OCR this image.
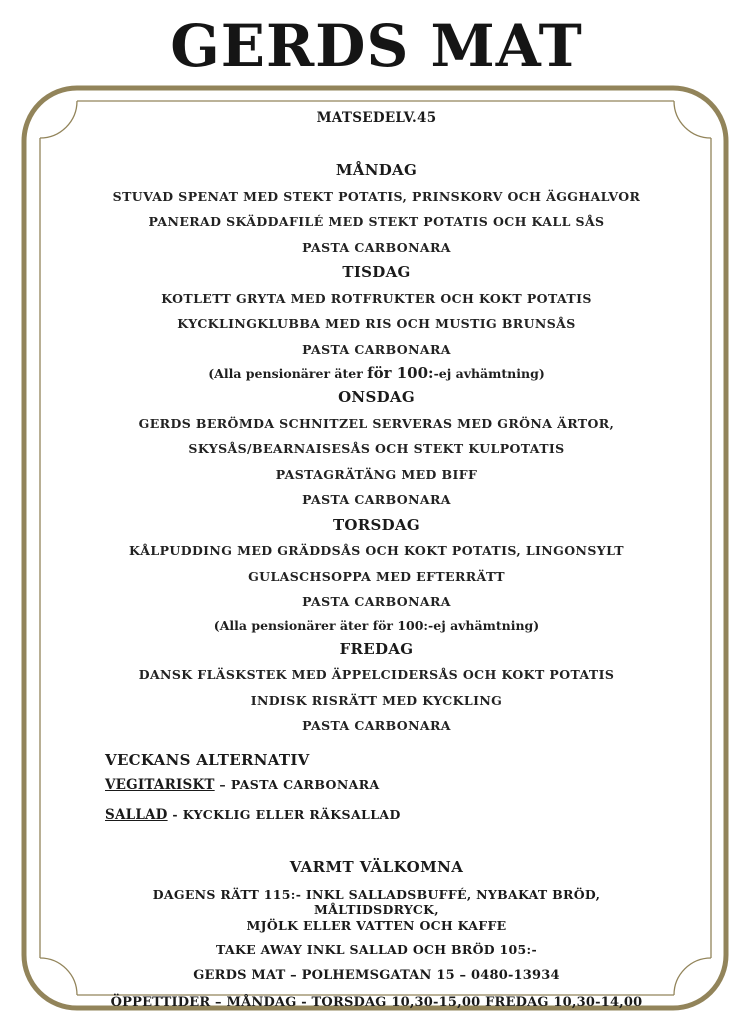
GERDS MAT
MATSEDELV.45
MÅNDAG
STUVAD SPENAT MED STEKT POTATIS, PRINSKORV OCH ÄGGHALVOR
PANERAD SKÄDDAFILÉ MED STEKT POTATIS OCH KALL SÅS
PASTA CARBONARA
TISDAG
KOTLETT GRYTA MED ROTFRUKTER OCH KOKT POTATIS
KYCKLINGKLUBBA MED RIS OCH MUSTIG BRUNSÅS
PASTA CARBONARA
(Alla pensionärer äter för 100:-ej avhämtning)
ONSDAG
GERDS BERÖMDA SCHNITZEL SERVERAS MED GRÖNA ÄRTOR,
SKYSÅS/BEARNAISESÅS OCH STEKT KULPOTATIS
PASTAGRÄTÄNG MED BIFF
PASTA CARBONARA
TORSDAG
KÅLPUDDING MED GRÄDDSÅS OCH KOKT POTATIS, LINGONSYLT
GULASCHSOPPA MED EFTERRÄTT
PASTA CARBONARA
(Alla pensionärer äter för 100:-ej avhämtning)
FREDAG
DANSK FLÄSKSTEK MED ÄPPELCIDERSÅS OCH KOKT POTATIS
INDISK RISRÄTT MED KYCKLING
PASTA CARBONARA
VECKANS ALTERNATIV
VEGITARISKT – PASTA CARBONARA
SALLAD - KYCKLIG ELLER RÄKSALLAD
VARMT VÄLKOMNA
DAGENS RÄTT 115:- INKL SALLADSBUFFÉ, NYBAKAT BRÖD, MÅLTIDSDRYCK,
MJÖLK ELLER VATTEN OCH KAFFE
TAKE AWAY INKL SALLAD OCH BRÖD 105:-
GERDS MAT – POLHEMSGATAN 15 – 0480-13934
ÖPPETTIDER – MÅNDAG - TORSDAG 10,30-15,00 FREDAG 10,30-14,00
